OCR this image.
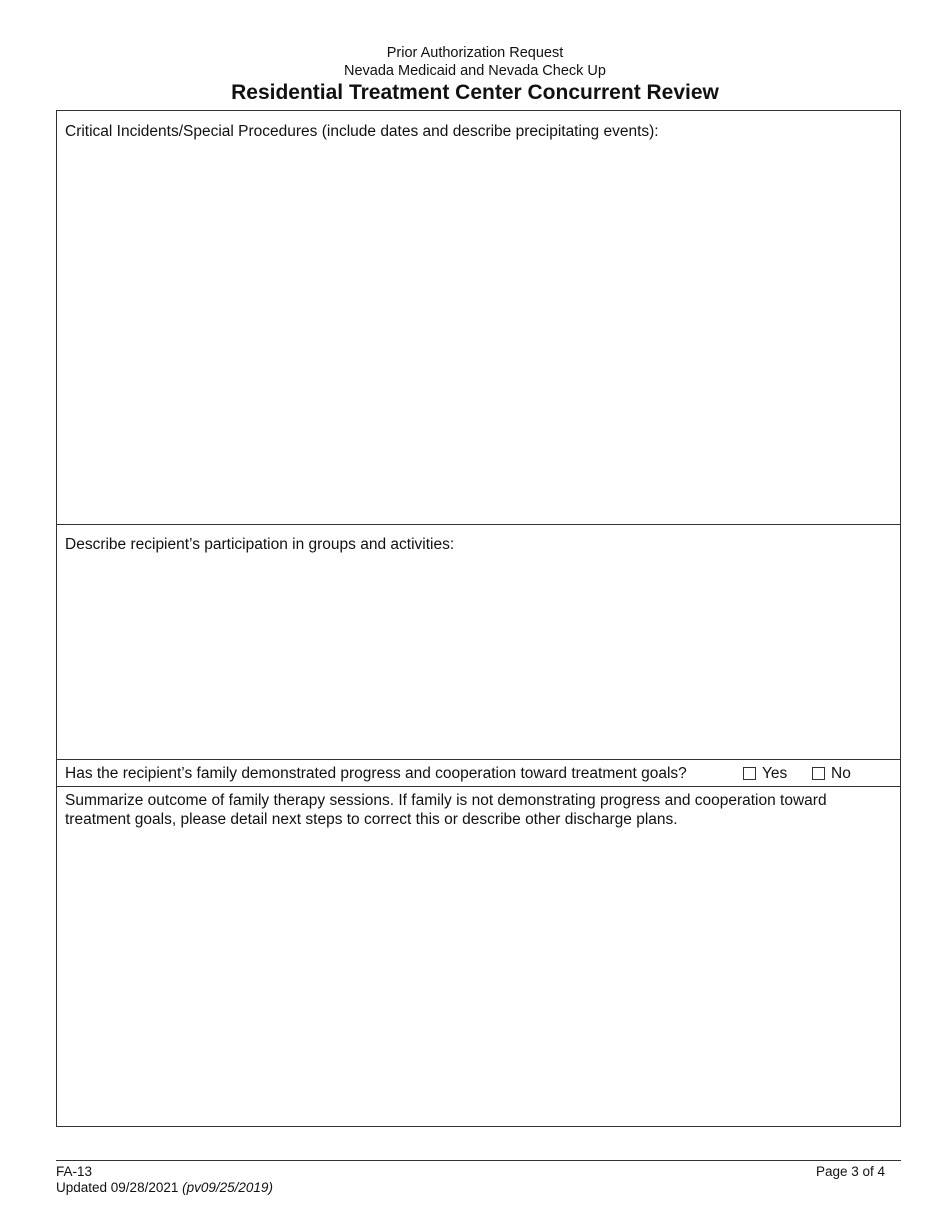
Prior Authorization Request
Nevada Medicaid and Nevada Check Up
Residential Treatment Center Concurrent Review
Critical Incidents/Special Procedures (include dates and describe precipitating events):
Describe recipient’s participation in groups and activities:
Has the recipient’s family demonstrated progress and cooperation toward treatment goals?	Yes	No
Summarize outcome of family therapy sessions. If family is not demonstrating progress and cooperation toward treatment goals, please detail next steps to correct this or describe other discharge plans.
FA-13
Updated 09/28/2021 (pv09/25/2019)
Page 3 of 4
